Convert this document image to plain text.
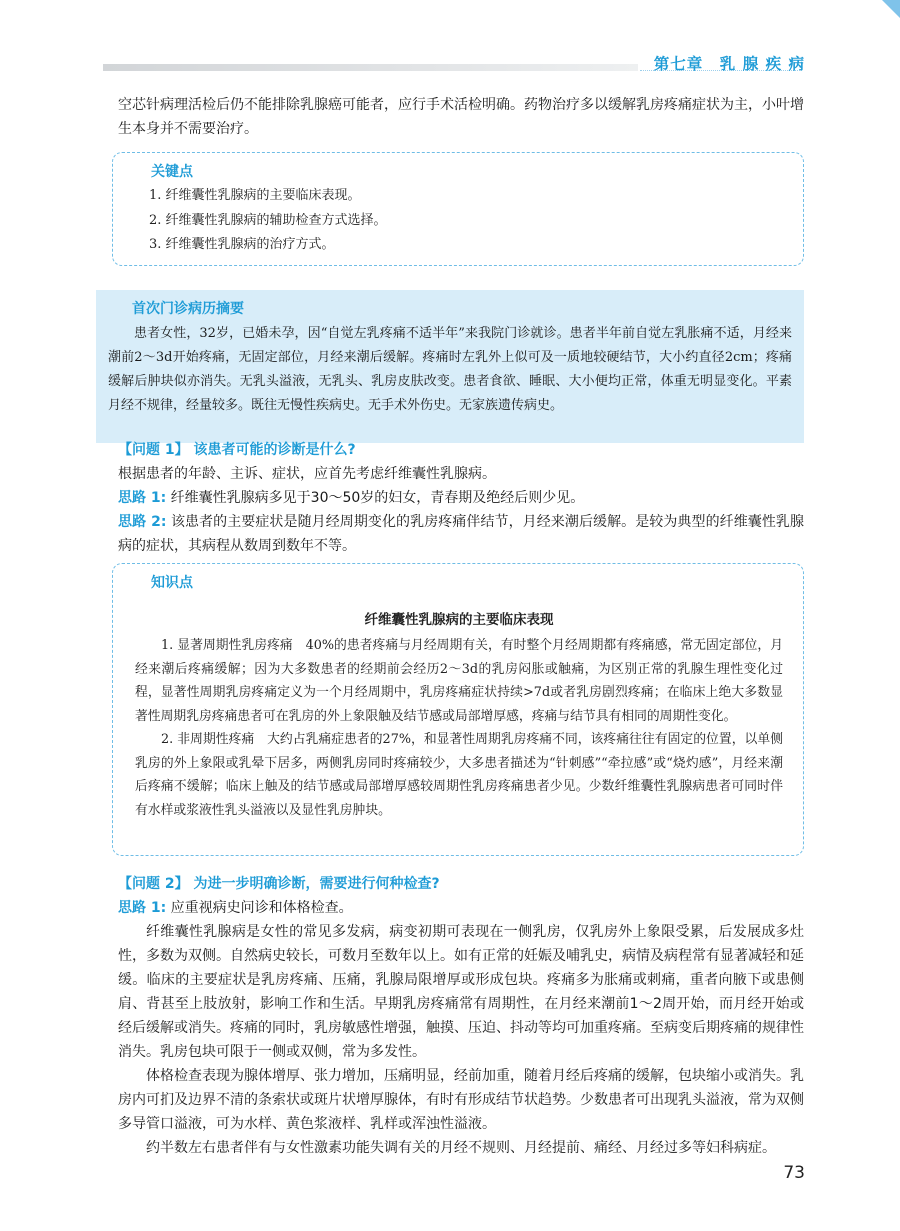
第七章　乳 腺 疾 病

空芯针病理活检后仍不能排除乳腺癌可能者，应行手术活检明确。药物治疗多以缓解乳房疼痛症状为主，小叶增生本身并不需要治疗。

关键点
1. 纤维囊性乳腺病的主要临床表现。
2. 纤维囊性乳腺病的辅助检查方式选择。
3. 纤维囊性乳腺病的治疗方式。
首次门诊病历摘要

患者女性，32岁，已婚未孕，因“自觉左乳疼痛不适半年”来我院门诊就诊。患者半年前自觉左乳胀痛不适，月经来潮前2～3d开始疼痛，无固定部位，月经来潮后缓解。疼痛时左乳外上似可及一质地较硬结节，大小约直径2cm；疼痛缓解后肿块似亦消失。无乳头溢液，无乳头、乳房皮肤改变。患者食欲、睡眠、大小便均正常，体重无明显变化。平素月经不规律，经量较多。既往无慢性疾病史。无手术外伤史。无家族遗传病史。

【问题 1】 该患者可能的诊断是什么?

根据患者的年龄、主诉、症状，应首先考虑纤维囊性乳腺病。

思路 1: 纤维囊性乳腺病多见于30～50岁的妇女，青春期及绝经后则少见。

思路 2: 该患者的主要症状是随月经周期变化的乳房疼痛伴结节，月经来潮后缓解。是较为典型的纤维囊性乳腺病的症状，其病程从数周到数年不等。

知识点
纤维囊性乳腺病的主要临床表现

1. 显著周期性乳房疼痛　40%的患者疼痛与月经周期有关，有时整个月经周期都有疼痛感，常无固定部位，月经来潮后疼痛缓解；因为大多数患者的经期前会经历2～3d的乳房闷胀或触痛，为区别正常的乳腺生理性变化过程，显著性周期乳房疼痛定义为一个月经周期中，乳房疼痛症状持续>7d或者乳房剧烈疼痛；在临床上绝大多数显著性周期乳房疼痛患者可在乳房的外上象限触及结节感或局部增厚感，疼痛与结节具有相同的周期性变化。

2. 非周期性疼痛　大约占乳痛症患者的27%，和显著性周期乳房疼痛不同，该疼痛往往有固定的位置，以单侧乳房的外上象限或乳晕下居多，两侧乳房同时疼痛较少，大多患者描述为“针刺感”“牵拉感”或“烧灼感”，月经来潮后疼痛不缓解；临床上触及的结节感或局部增厚感较周期性乳房疼痛患者少见。少数纤维囊性乳腺病患者可同时伴有水样或浆液性乳头溢液以及显性乳房肿块。

【问题 2】 为进一步明确诊断，需要进行何种检查?

思路 1: 应重视病史问诊和体格检查。

纤维囊性乳腺病是女性的常见多发病，病变初期可表现在一侧乳房，仅乳房外上象限受累，后发展成多灶性，多数为双侧。自然病史较长，可数月至数年以上。如有正常的妊娠及哺乳史，病情及病程常有显著减轻和延缓。临床的主要症状是乳房疼痛、压痛，乳腺局限增厚或形成包块。疼痛多为胀痛或刺痛，重者向腋下或患侧肩、背甚至上肢放射，影响工作和生活。早期乳房疼痛常有周期性，在月经来潮前1～2周开始，而月经开始或经后缓解或消失。疼痛的同时，乳房敏感性增强，触摸、压迫、抖动等均可加重疼痛。至病变后期疼痛的规律性消失。乳房包块可限于一侧或双侧，常为多发性。

体格检查表现为腺体增厚、张力增加，压痛明显，经前加重，随着月经后疼痛的缓解，包块缩小或消失。乳房内可扪及边界不清的条索状或斑片状增厚腺体，有时有形成结节状趋势。少数患者可出现乳头溢液，常为双侧多导管口溢液，可为水样、黄色浆液样、乳样或浑浊性溢液。

约半数左右患者伴有与女性激素功能失调有关的月经不规则、月经提前、痛经、月经过多等妇科病症。

73
